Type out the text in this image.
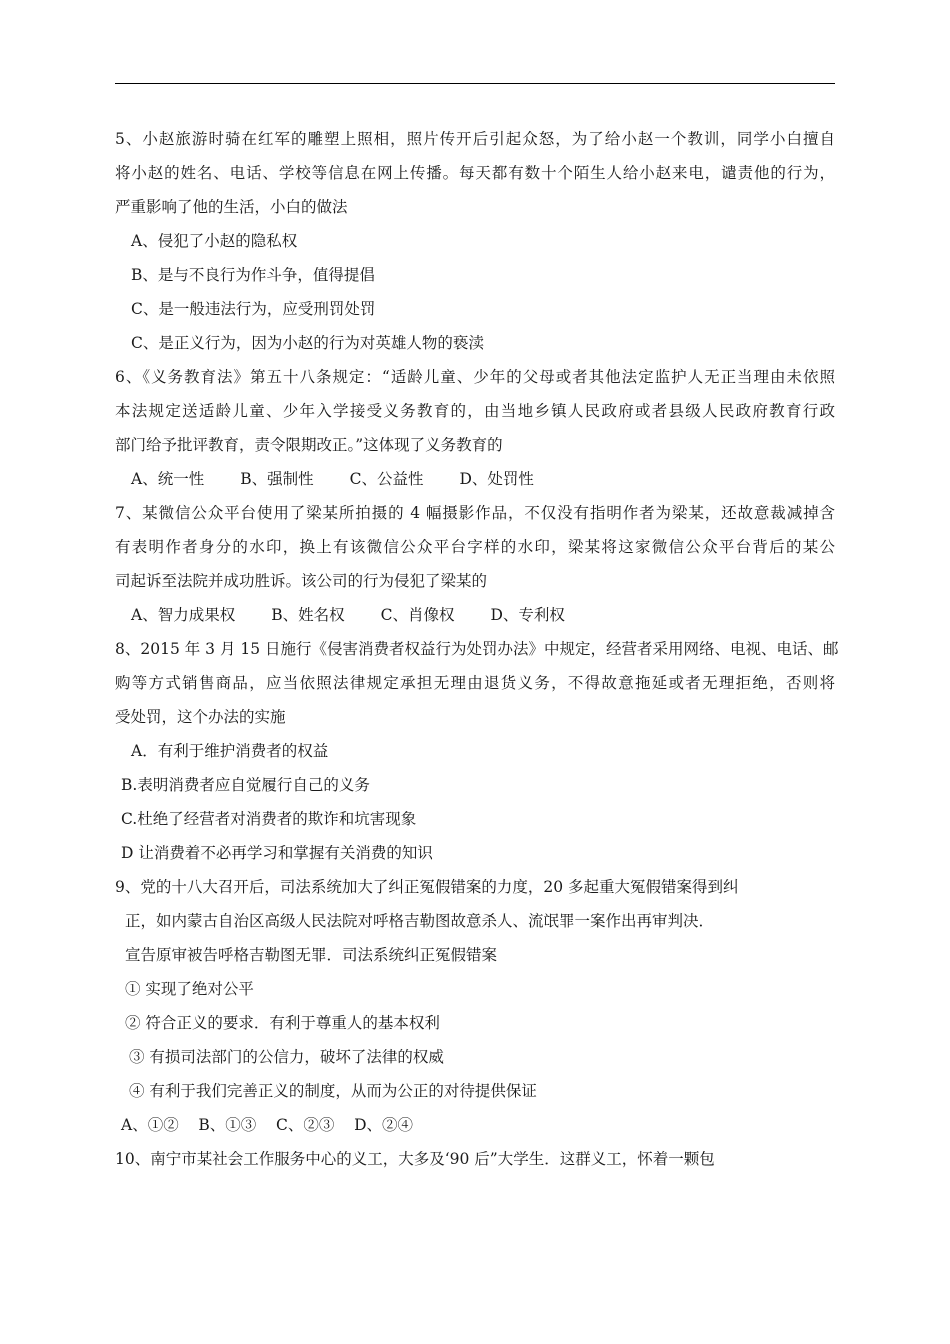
5、小赵旅游时骑在红军的雕塑上照相，照片传开后引起众怒，为了给小赵一个教训，同学小白擅自
将小赵的姓名、电话、学校等信息在网上传播。每天都有数十个陌生人给小赵来电，谴责他的行为，
严重影响了他的生活，小白的做法
A、侵犯了小赵的隐私权
B、是与不良行为作斗争，值得提倡
C、是一般违法行为，应受刑罚处罚
C、是正义行为，因为小赵的行为对英雄人物的亵渎
6、《义务教育法》第五十八条规定：“适龄儿童、少年的父母或者其他法定监护人无正当理由未依照
本法规定送适龄儿童、少年入学接受义务教育的，由当地乡镇人民政府或者县级人民政府教育行政
部门给予批评教育，责令限期改正。”这体现了义务教育的
A、统一性 B、强制性 C、公益性 D、处罚性
7、某微信公众平台使用了梁某所拍摄的 4 幅摄影作品，不仅没有指明作者为梁某，还故意裁减掉含
有表明作者身分的水印，换上有该微信公众平台字样的水印，梁某将这家微信公众平台背后的某公
司起诉至法院并成功胜诉。该公司的行为侵犯了梁某的
A、智力成果权 B、姓名权 C、肖像权 D、专利权
8、2015 年 3 月 15 日施行《侵害消费者权益行为处罚办法》中规定，经营者采用网络、电视、电话、邮
购等方式销售商品，应当依照法律规定承担无理由退货义务，不得故意拖延或者无理拒绝，否则将
受处罚，这个办法的实施
A．有利于维护消费者的权益
B.表明消费者应自觉履行自己的义务
C.杜绝了经营者对消费者的欺诈和坑害现象
D 让消费着不必再学习和掌握有关消费的知识
9、党的十八大召开后，司法系统加大了纠正冤假错案的力度，20 多起重大冤假错案得到纠
正，如内蒙古自治区高级人民法院对呼格吉勒图故意杀人、流氓罪一案作出再审判决．
宣告原审被告呼格吉勒图无罪．司法系统纠正冤假错案
① 实现了绝对公平
② 符合正义的要求．有利于尊重人的基本权利
③ 有损司法部门的公信力，破坏了法律的权威
④ 有利于我们完善正义的制度，从而为公正的对待提供保证
A、①②    B、①③    C、②③    D、②④
10、南宁市某社会工作服务中心的义工，大多及‘90 后”大学生．这群义工，怀着一颗包
